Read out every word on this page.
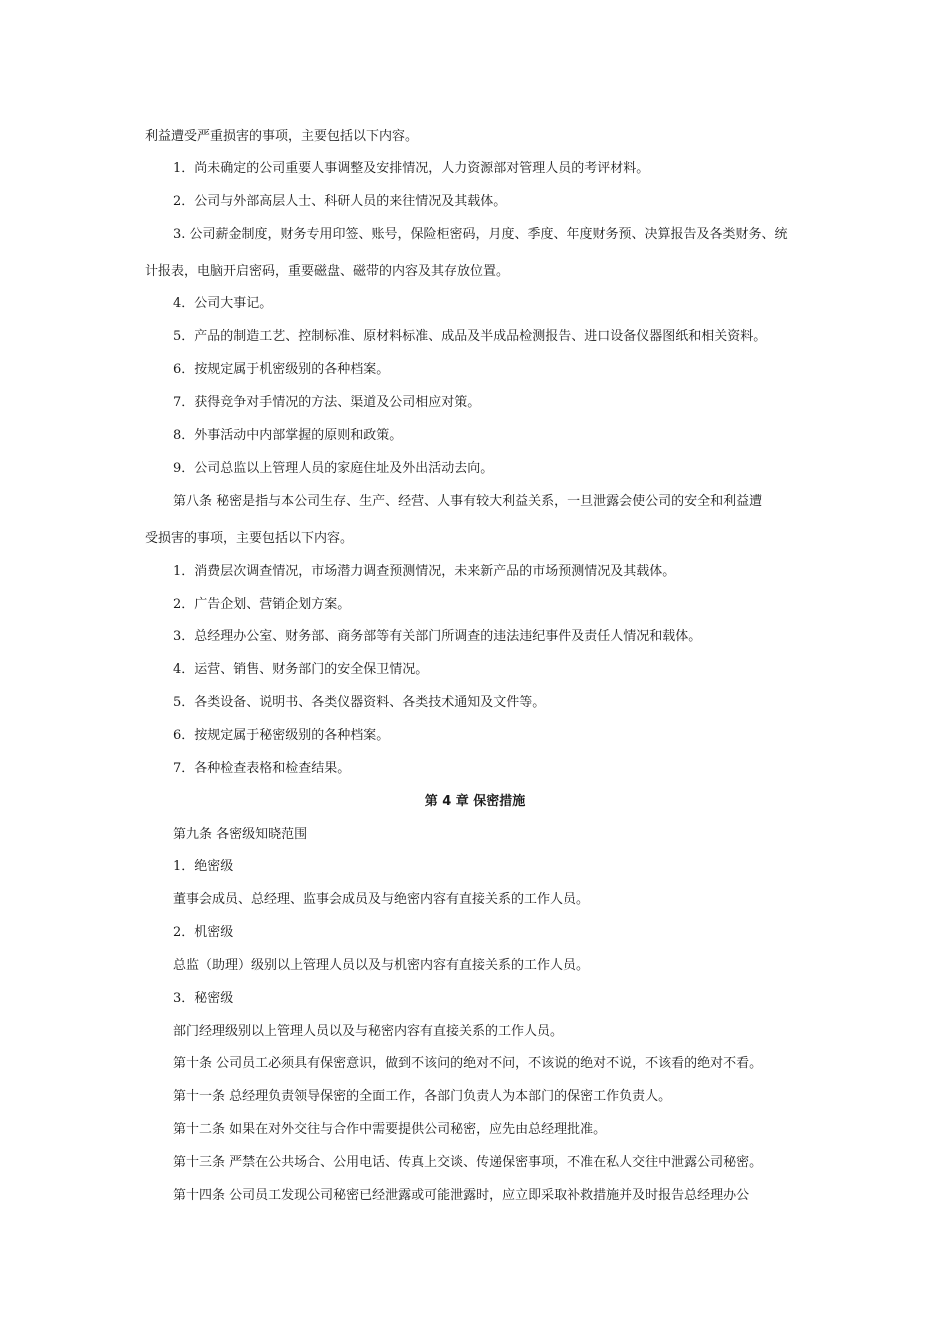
利益遭受严重损害的事项，主要包括以下内容。

1．尚未确定的公司重要人事调整及安排情况，人力资源部对管理人员的考评材料。

2．公司与外部高层人士、科研人员的来往情况及其载体。

3. 公司薪金制度，财务专用印签、账号，保险柜密码，月度、季度、年度财务预、决算报告及各类财务、统

计报表，电脑开启密码，重要磁盘、磁带的内容及其存放位置。

4．公司大事记。

5．产品的制造工艺、控制标准、原材料标准、成品及半成品检测报告、进口设备仪器图纸和相关资料。

6．按规定属于机密级别的各种档案。

7．获得竞争对手情况的方法、渠道及公司相应对策。

8．外事活动中内部掌握的原则和政策。

9．公司总监以上管理人员的家庭住址及外出活动去向。

第八条 秘密是指与本公司生存、生产、经营、人事有较大利益关系，一旦泄露会使公司的安全和利益遭

受损害的事项，主要包括以下内容。

1．消费层次调查情况，市场潜力调查预测情况，未来新产品的市场预测情况及其载体。

2．广告企划、营销企划方案。

3．总经理办公室、财务部、商务部等有关部门所调查的违法违纪事件及责任人情况和载体。

4．运营、销售、财务部门的安全保卫情况。

5．各类设备、说明书、各类仪器资料、各类技术通知及文件等。

6．按规定属于秘密级别的各种档案。

7．各种检查表格和检查结果。

第 4 章 保密措施

第九条 各密级知晓范围

1．绝密级

董事会成员、总经理、监事会成员及与绝密内容有直接关系的工作人员。

2．机密级

总监（助理）级别以上管理人员以及与机密内容有直接关系的工作人员。

3．秘密级

部门经理级别以上管理人员以及与秘密内容有直接关系的工作人员。

第十条 公司员工必须具有保密意识，做到不该问的绝对不问，不该说的绝对不说，不该看的绝对不看。

第十一条 总经理负责领导保密的全面工作，各部门负责人为本部门的保密工作负责人。

第十二条 如果在对外交往与合作中需要提供公司秘密，应先由总经理批准。

第十三条 严禁在公共场合、公用电话、传真上交谈、传递保密事项，不准在私人交往中泄露公司秘密。

第十四条 公司员工发现公司秘密已经泄露或可能泄露时，应立即采取补救措施并及时报告总经理办公
